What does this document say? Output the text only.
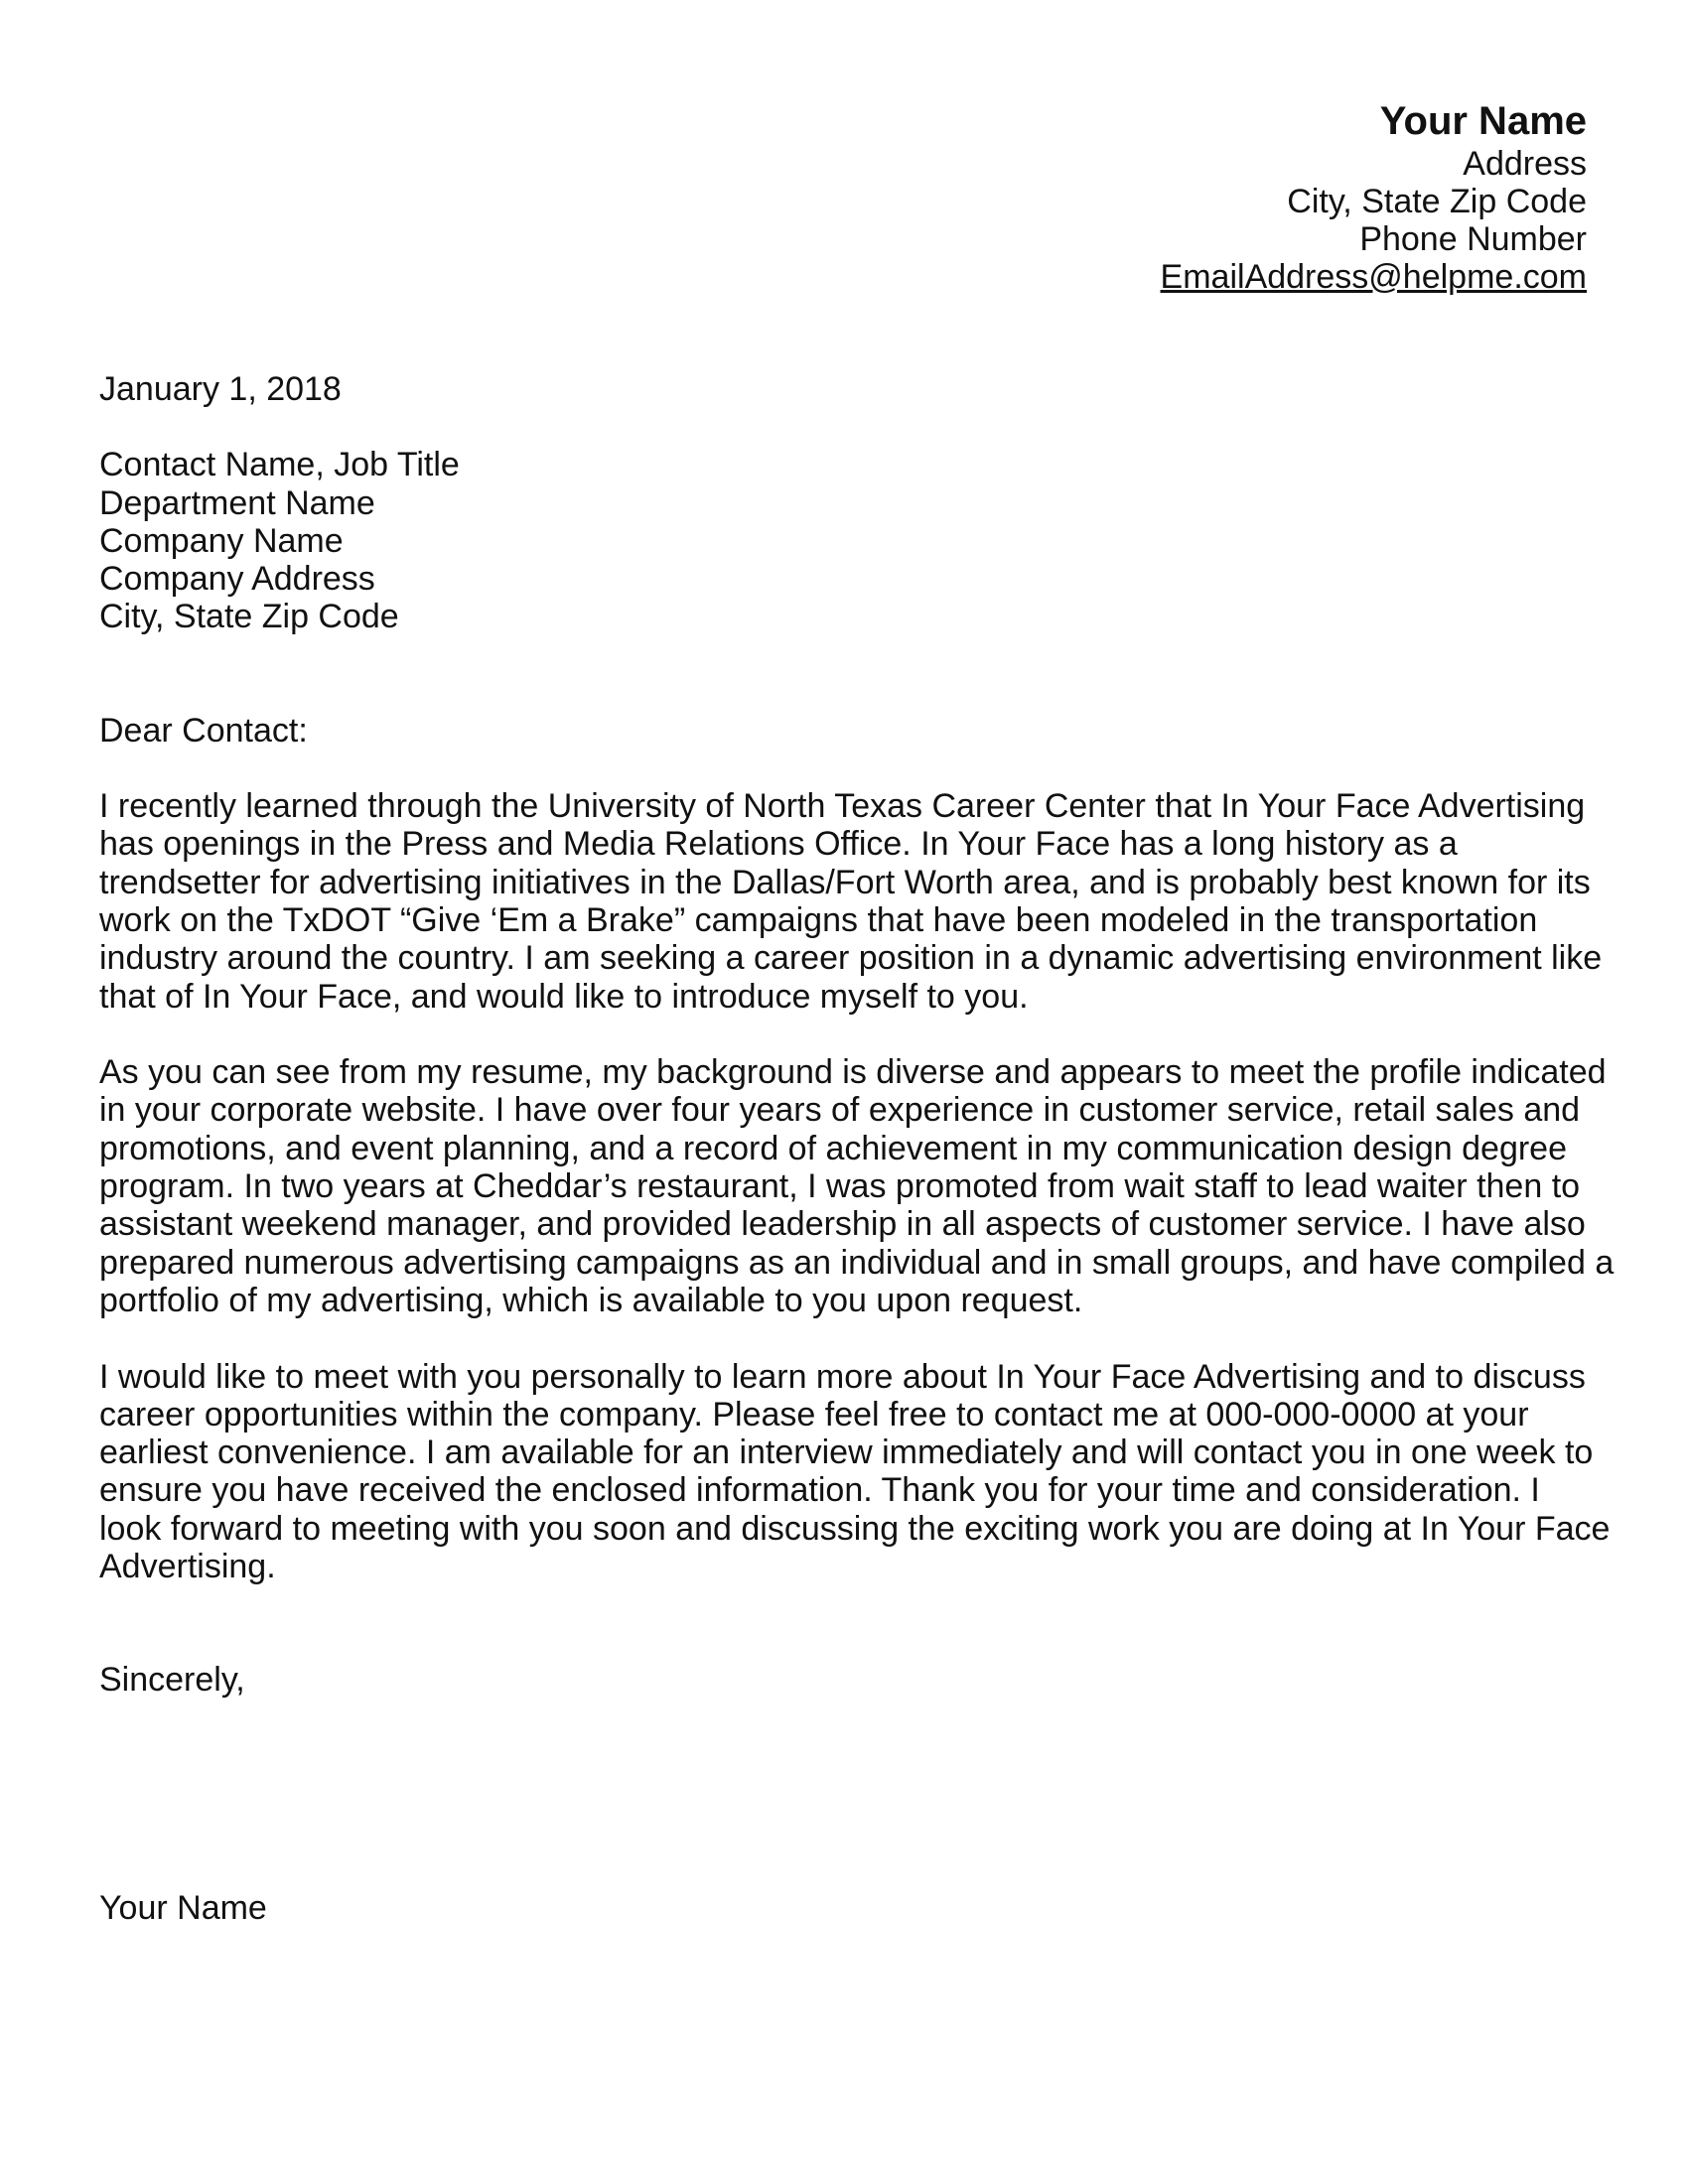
Your Name
Address
City, State Zip Code
Phone Number
EmailAddress@helpme.com
January 1, 2018
Contact Name, Job Title
Department Name
Company Name
Company Address
City, State Zip Code
Dear Contact:
I recently learned through the University of North Texas Career Center that In Your Face Advertising
has openings in the Press and Media Relations Office. In Your Face has a long history as a
trendsetter for advertising initiatives in the Dallas/Fort Worth area, and is probably best known for its
work on the TxDOT “Give ‘Em a Brake” campaigns that have been modeled in the transportation
industry around the country. I am seeking a career position in a dynamic advertising environment like
that of In Your Face, and would like to introduce myself to you.
As you can see from my resume, my background is diverse and appears to meet the profile indicated
in your corporate website. I have over four years of experience in customer service, retail sales and
promotions, and event planning, and a record of achievement in my communication design degree
program. In two years at Cheddar’s restaurant, I was promoted from wait staff to lead waiter then to
assistant weekend manager, and provided leadership in all aspects of customer service. I have also
prepared numerous advertising campaigns as an individual and in small groups, and have compiled a
portfolio of my advertising, which is available to you upon request.
I would like to meet with you personally to learn more about In Your Face Advertising and to discuss
career opportunities within the company. Please feel free to contact me at 000-000-0000 at your
earliest convenience. I am available for an interview immediately and will contact you in one week to
ensure you have received the enclosed information. Thank you for your time and consideration. I
look forward to meeting with you soon and discussing the exciting work you are doing at In Your Face
Advertising.
Sincerely,
Your Name
